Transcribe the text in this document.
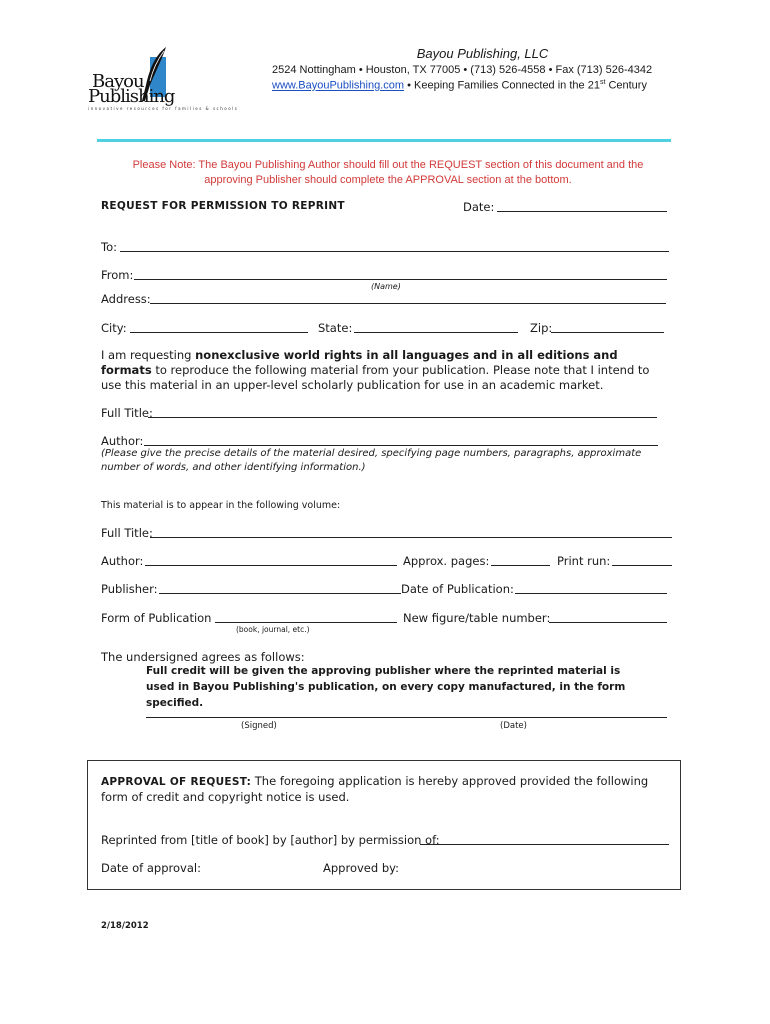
Bayou
Publishing
innovative resources for families & schools
Bayou Publishing, LLC
2524 Nottingham • Houston, TX 77005 • (713) 526-4558 • Fax (713) 526-4342
www.BayouPublishing.com • Keeping Families Connected in the 21st Century
Please Note: The Bayou Publishing Author should fill out the REQUEST section of this document and the approving Publisher should complete the APPROVAL section at the bottom.
REQUEST FOR PERMISSION TO REPRINT	Date:
To:
From:
(Name)
Address:
City:	State:	Zip:
I am requesting nonexclusive world rights in all languages and in all editions and formats to reproduce the following material from your publication. Please note that I intend to use this material in an upper-level scholarly publication for use in an academic market.
Full Title:
Author:
(Please give the precise details of the material desired, specifying page numbers, paragraphs, approximate number of words, and other identifying information.)
This material is to appear in the following volume:
Full Title:
Author:	Approx. pages:	Print run:
Publisher:	Date of Publication:
Form of Publication
(book, journal, etc.)
New figure/table number:
The undersigned agrees as follows:
Full credit will be given the approving publisher where the reprinted material is used in Bayou Publishing's publication, on every copy manufactured, in the form specified.
(Signed)	(Date)
APPROVAL OF REQUEST: The foregoing application is hereby approved provided the following form of credit and copyright notice is used.
Reprinted from [title of book] by [author] by permission of:
Date of approval:	Approved by:
2/18/2012
